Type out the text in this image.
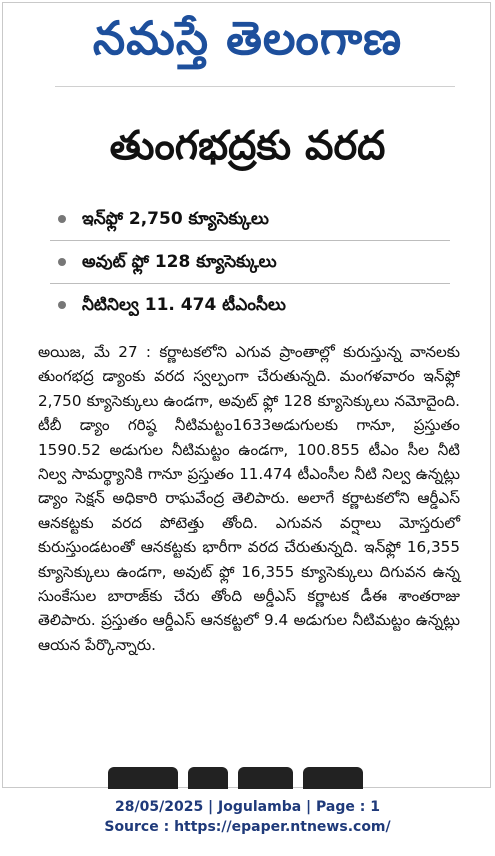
నమస్తే తెలంగాణ
తుంగభద్రకు వరద
ఇన్‌ఫ్లో 2,750 క్యూసెక్కులు
అవుట్ ఫ్లో 128 క్యూసెక్కులు
నీటినిల్వ 11. 474 టీఎంసీలు
అయిజ, మే 27 : కర్ణాటకలోని ఎగువ ప్రాంతాల్లో కురుస్తున్న వానలకు తుంగభద్ర డ్యాంకు వరద స్వల్పంగా చేరుతున్నది. మంగళవారం ఇన్‌ఫ్లో 2,750 క్యూసెక్కులు ఉండగా, అవుట్ ఫ్లో 128 క్యూసెక్కులు నమోదైంది. టీబీ డ్యాం గరిష్ఠ నీటిమట్టం1633అడుగులకు గానూ, ప్రస్తుతం 1590.52 అడుగుల నీటిమట్టం ఉండగా, 100.855 టీఎం సీల నీటి నిల్వ సామర్థ్యానికి గానూ ప్రస్తుతం 11.474 టీఎంసీల నీటి నిల్వ ఉన్నట్లు డ్యాం సెక్షన్ అధికారి రాఘవేంద్ర తెలిపారు. అలాగే కర్ణాటకలోని ఆర్డీఎస్ ఆనకట్టకు వరద పోటెత్తు తోంది. ఎగువన వర్షాలు మోస్తరులో కురుస్తుండటంతో ఆనకట్టకు భారీగా వరద చేరుతున్నది. ఇన్‌ఫ్లో 16,355 క్యూసెక్కులు ఉండగా, అవుట్ ఫ్లో 16,355 క్యూసెక్కులు దిగువన ఉన్న సుంకేసుల బారాజ్‌కు చేరు తోంది అర్డీఎస్ కర్ణాటక డీఈ శాంతరాజు తెలిపారు. ప్రస్తుతం ఆర్డీఎస్ ఆనకట్టలో 9.4 అడుగుల నీటిమట్టం ఉన్నట్లు ఆయన పేర్కొన్నారు.
28/05/2025 | Jogulamba | Page : 1
Source : https://epaper.ntnews.com/
